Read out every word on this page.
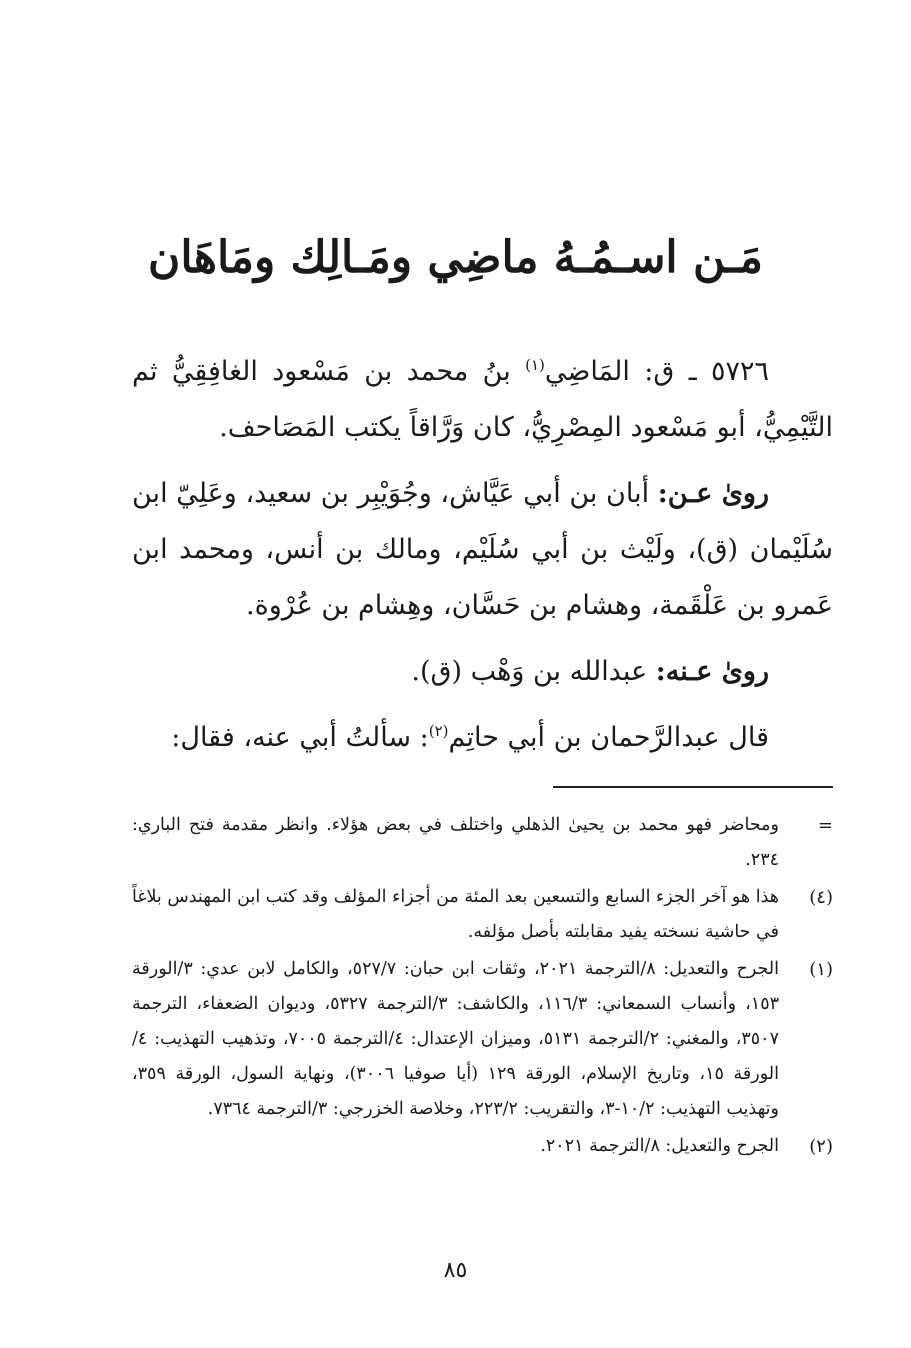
مَـن اسـمُـهُ ماضِي ومَـالِك ومَاهَان

٥٧٢٦ ـ ق: المَاضِي$^{(١)}$ بنُ محمد بن مَسْعود الغافِقِيُّ ثم التَّيْمِيُّ، أبو مَسْعود المِصْرِيُّ، كان وَرَّاقاً يكتب المَصَاحف.

روىٰ عـن: أبان بن أبي عَيَّاش، وجُوَيْبِر بن سعيد، وعَلِيّ ابن سُلَيْمان (ق)، ولَيْث بن أبي سُلَيْم، ومالك بن أنس، ومحمد ابن عَمرو بن عَلْقَمة، وهشام بن حَسَّان، وهِشام بن عُرْوة.

روىٰ عـنه: عبدالله بن وَهْب (ق).

قال عبدالرَّحمان بن أبي حاتِم$^{(٢)}$: سألتُ أبي عنه، فقال:

=
ومحاضر فهو محمد بن يحيىٰ الذهلي واختلف في بعض هؤلاء. وانظر مقدمة فتح الباري: ٢٣٤.
(٤)
هذا هو آخر الجزء السابع والتسعين بعد المئة من أجزاء المؤلف وقد كتب ابن المهندس بلاغاً في حاشية نسخته يفيد مقابلته بأصل مؤلفه.
(١)
الجرح والتعديل: ٨/الترجمة ٢٠٢١، وثقات ابن حبان: ٥٢٧/٧، والكامل لابن عدي: ٣/الورقة ١٥٣، وأنساب السمعاني: ١١٦/٣، والكاشف: ٣/الترجمة ٥٣٢٧، وديوان الضعفاء، الترجمة ٣٥٠٧، والمغني: ٢/الترجمة ٥١٣١، وميزان الإعتدال: ٤/الترجمة ٧٠٠٥، وتذهيب التهذيب: ٤/الورقة ١٥، وتاريخ الإسلام، الورقة ١٢٩ (أيا صوفيا ٣٠٠٦)، ونهاية السول، الورقة ٣٥٩، وتهذيب التهذيب: ١٠/٢-٣، والتقريب: ٢٢٣/٢، وخلاصة الخزرجي: ٣/الترجمة ٧٣٦٤.
(٢)
الجرح والتعديل: ٨/الترجمة ٢٠٢١.
٨٥
